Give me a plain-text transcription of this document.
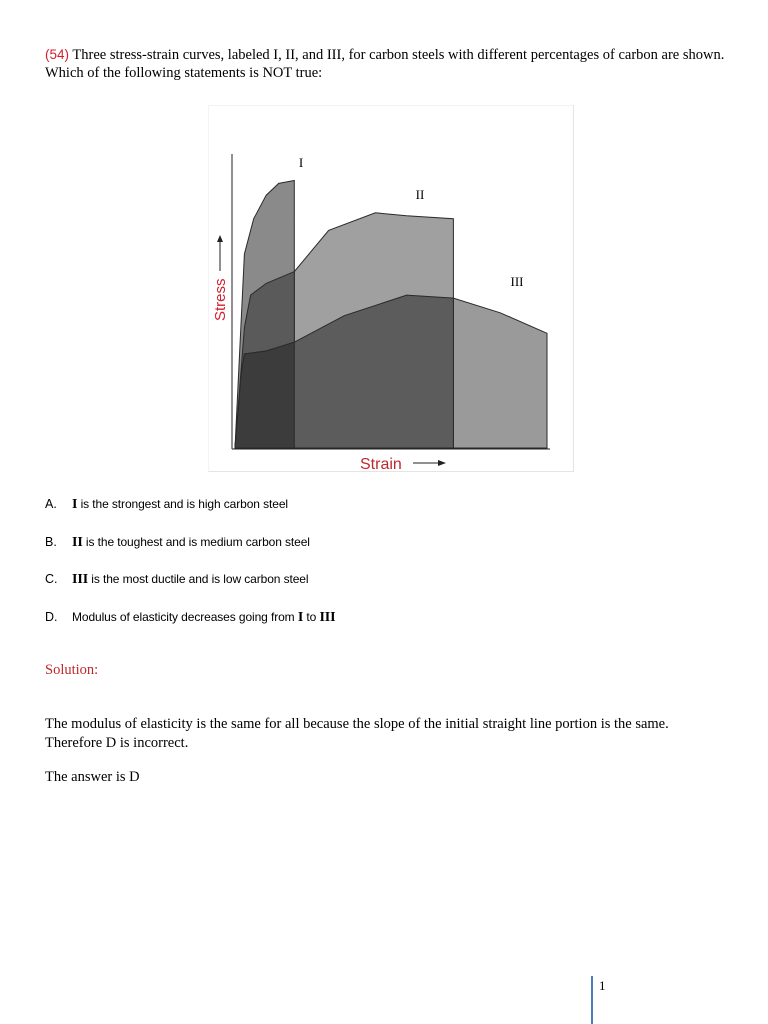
(54) Three stress-strain curves, labeled I, II, and III, for carbon steels with different percentages of carbon are shown. Which of the following statements is NOT true:
I
II
III
Stress
Strain
A.	I is the strongest and is high carbon steel
B.	II is the toughest and is medium carbon steel
C.	III is the most ductile and is low carbon steel
D.	Modulus of elasticity decreases going from I to III
Solution:
The modulus of elasticity is the same for all because the slope of the initial straight line portion is the same. Therefore D is incorrect.
The answer is D
1
